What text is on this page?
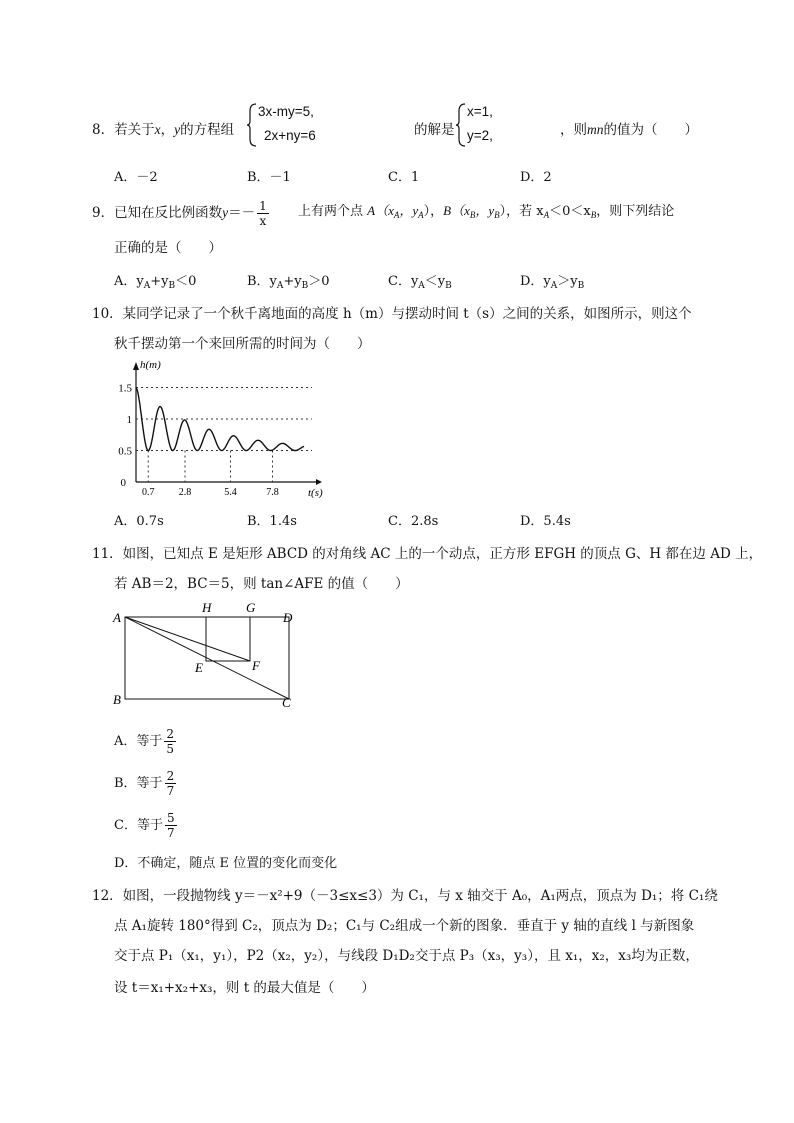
8．若关于x，y的方程组
3x-my=5,
2x+ny=6	的解是
x=1,
y=2,	，则mn的值为（　　）
A．－2	B．－1	C．1	D．2
9．已知在反比例函数$y=- \frac{1}{x}$ 上有两个点 $A(x_A$，$y_A$），$B(x_B$，$y_B$），若 $x_A<0<x_B$，则下列结论
正确的是（　　）
A．$y_A+y_B<0$	B．$y_A+y_B>0$	C．$y_A<y_B$	D．$y_A>y_B$
10．某同学记录了一个秋千离地面的高度 h（m）与摆动时间 t（s）之间的关系，如图所示，则这个
秋千摆动第一个来回所需的时间为（　　）
0.7 2.8	5.4	7.8
0.5
1
1.5
0
h(m)
t(s)
A．0.7s	B．1.4s	C．2.8s	D．5.4s
11．如图，已知点 E 是矩形 ABCD 的对角线 AC 上的一个动点，正方形 EFGH 的顶点 G、H 都在边 AD 上，
若 AB＝2，BC＝5，则 tan∠AFE 的值（　　）
A
H	G
D
E	F
B	C
A．等于 $\frac{2}{5}$
B．等于 $\frac{2}{7}$
C．等于 $\frac{5}{7}$
D．不确定，随点 E 位置的变化而变化
12．如图，一段抛物线 y＝－x²+9（－3≤x≤3）为 C₁，与 x 轴交于 A₀，A₁两点，顶点为 D₁；将 C₁绕
点 A₁旋转 180°得到 C₂，顶点为 D₂；C₁与 C₂组成一个新的图象．垂直于 y 轴的直线 l 与新图象
交于点 P₁（x₁，y₁），P2（x₂，y₂），与线段 D₁D₂交于点 P₃（x₃，y₃），且 x₁，x₂，x₃均为正数，
设 t＝x₁+x₂+x₃，则 t 的最大值是（　　）
